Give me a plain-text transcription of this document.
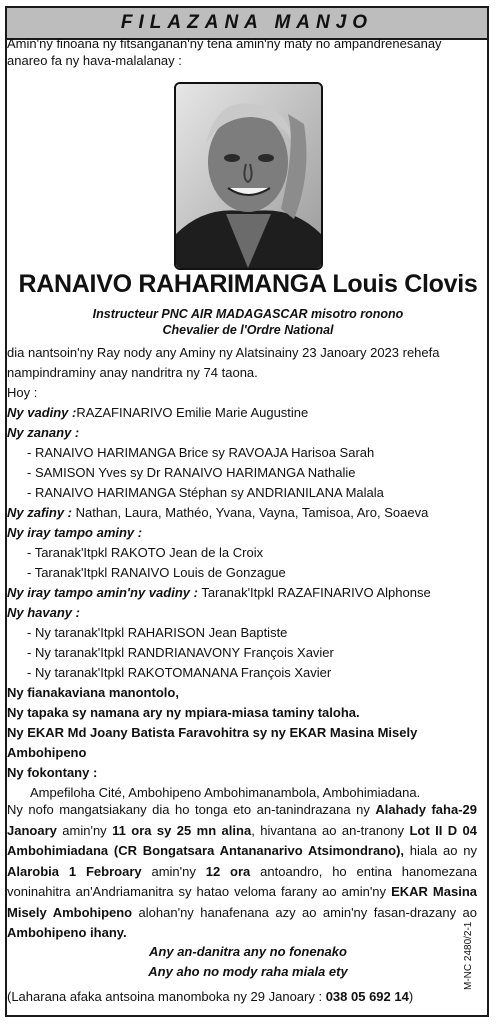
FILAZANA MANJO
Amin'ny finoana ny fitsanganan'ny tena amin'ny maty no ampandrenesanay anareo fa ny hava-malalanay :
RANAIVO RAHARIMANGA Louis Clovis
Instructeur PNC AIR MADAGASCAR misotro ronono
Chevalier de l'Ordre National

dia nantsoin'ny Ray nody any Aminy ny Alatsinainy 23 Janoary 2023 rehefa nampindraminy anay nandritra ny 74 taona.

Hoy :

Ny vadiny :RAZAFINARIVO Emilie Marie Augustine

Ny zanany :

- RANAIVO HARIMANGA Brice sy RAVOAJA Harisoa Sarah

- SAMISON Yves sy Dr RANAIVO HARIMANGA Nathalie

- RANAIVO HARIMANGA Stéphan sy ANDRIANILANA Malala

Ny zafiny : Nathan, Laura, Mathéo, Yvana, Vayna, Tamisoa, Aro, Soaeva

Ny iray tampo aminy :

- Taranak'Itpkl RAKOTO Jean de la Croix

- Taranak'Itpkl RANAIVO Louis de Gonzague

Ny iray tampo amin'ny vadiny : Taranak'Itpkl RAZAFINARIVO Alphonse

Ny havany :

- Ny taranak'Itpkl RAHARISON Jean Baptiste

- Ny taranak'Itpkl RANDRIANAVONY François Xavier

- Ny taranak'Itpkl RAKOTOMANANA François Xavier

Ny fianakaviana manontolo,

Ny tapaka sy namana ary ny mpiara-miasa taminy taloha.

Ny EKAR Md Joany Batista Faravohitra sy ny EKAR Masina Misely Ambohipeno

Ny fokontany :

Ampefiloha Cité, Ambohipeno Ambohimanambola, Ambohimiadana.

Ny nofo mangatsiakany dia ho tonga eto an-tanindrazana ny Alahady faha-29 Janoary amin'ny 11 ora sy 25 mn alina, hivantana ao an-tranony Lot II D 04 Ambohimiadana (CR Bongatsara Antananarivo Atsimondrano), hiala ao ny Alarobia 1 Febroary amin'ny 12 ora antoandro, ho entina hanomezana voninahitra an'Andriamanitra sy hatao veloma farany ao amin'ny EKAR Masina Misely Ambohipeno alohan'ny hanafenana azy ao amin'ny fasan-drazany ao Ambohipeno ihany.
Any an-danitra any no fonenako
Any aho no mody raha miala ety
(Laharana afaka antsoina manomboka ny 29 Janoary : 038 05 692 14)
M-NC 2480/2-1
